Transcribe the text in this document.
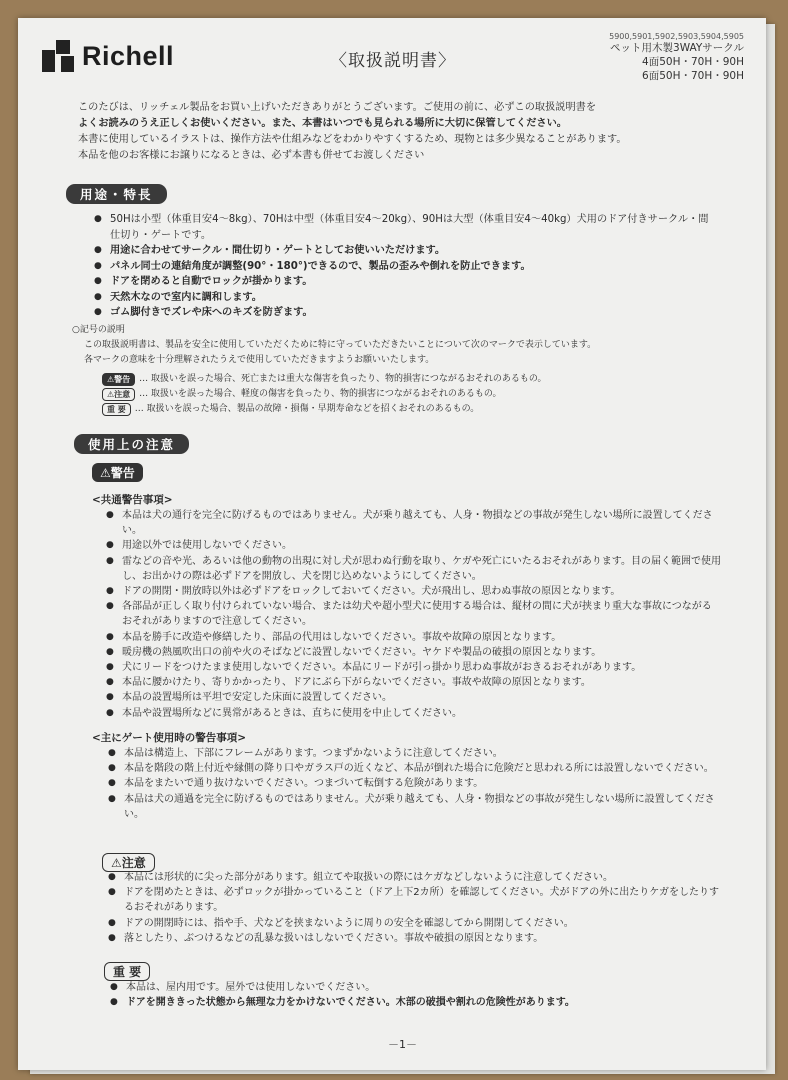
Richell	〈取扱説明書〉
5900,5901,5902,5903,5904,5905
ペット用木製3WAYサークル
4面50H・70H・90H
6面50H・70H・90H

このたびは、リッチェル製品をお買い上げいただきありがとうございます。ご使用の前に、必ずこの取扱説明書を

よくお読みのうえ正しくお使いください。また、本書はいつでも見られる場所に大切に保管してください。

本書に使用しているイラストは、操作方法や仕組みなどをわかりやすくするため、現物とは多少異なることがあります。

本品を他のお客様にお譲りになるときは、必ず本書も併せてお渡しください

用途・特長
● 50Hは小型（体重目安4～8kg）、70Hは中型（体重目安4～20kg）、90Hは大型（体重目安4～40kg）犬用のドア付きサークル・間仕切り・ゲートです。
● 用途に合わせてサークル・間仕切り・ゲートとしてお使いいただけます。
● パネル同士の連結角度が調整(90°・180°)できるので、製品の歪みや倒れを防止できます。
● ドアを閉めると自動でロックが掛かります。
● 天然木なので室内に調和します。
● ゴム脚付きでズレや床へのキズを防ぎます。
○記号の説明
この取扱説明書は、製品を安全に使用していただくために特に守っていただきたいことについて次のマークで表示しています。
各マークの意味を十分理解されたうえで使用していただきますようお願いいたします。
⚠警告	… 取扱いを誤った場合、死亡または重大な傷害を負ったり、物的損害につながるおそれのあるもの。
⚠注意	… 取扱いを誤った場合、軽度の傷害を負ったり、物的損害につながるおそれのあるもの。
重 要	… 取扱いを誤った場合、製品の故障・損傷・早期寿命などを招くおそれのあるもの。
使用上の注意
⚠警告
<共通警告事項>
● 本品は犬の通行を完全に防げるものではありません。犬が乗り越えても、人身・物損などの事故が発生しない場所に設置してください。
● 用途以外では使用しないでください。
● 雷などの音や光、あるいは他の動物の出現に対し犬が思わぬ行動を取り、ケガや死亡にいたるおそれがあります。目の届く範囲で使用し、お出かけの際は必ずドアを開放し、犬を閉じ込めないようにしてください。
● ドアの開閉・開放時以外は必ずドアをロックしておいてください。犬が飛出し、思わぬ事故の原因となります。
● 各部品が正しく取り付けられていない場合、または幼犬や超小型犬に使用する場合は、縦材の間に犬が挟まり重大な事故につながるおそれがありますので注意してください。
● 本品を勝手に改造や修繕したり、部品の代用はしないでください。事故や故障の原因となります。
● 暖房機の熱風吹出口の前や火のそばなどに設置しないでください。ヤケドや製品の破損の原因となります。
● 犬にリードをつけたまま使用しないでください。本品にリードが引っ掛かり思わぬ事故がおきるおそれがあります。
● 本品に腰かけたり、寄りかかったり、ドアにぶら下がらないでください。事故や故障の原因となります。
● 本品の設置場所は平坦で安定した床面に設置してください。
● 本品や設置場所などに異常があるときは、直ちに使用を中止してください。
<主にゲート使用時の警告事項>
● 本品は構造上、下部にフレームがあります。つまずかないように注意してください。
● 本品を階段の階上付近や縁側の降り口やガラス戸の近くなど、本品が倒れた場合に危険だと思われる所には設置しないでください。
● 本品をまたいで通り抜けないでください。つまづいて転倒する危険があります。
● 本品は犬の通過を完全に防げるものではありません。犬が乗り越えても、人身・物損などの事故が発生しない場所に設置してください。
⚠注意
● 本品には形状的に尖った部分があります。組立てや取扱いの際にはケガなどしないように注意してください。
● ドアを閉めたときは、必ずロックが掛かっていること（ドア上下2カ所）を確認してください。犬がドアの外に出たりケガをしたりするおそれがあります。
● ドアの開閉時には、指や手、犬などを挟まないように周りの安全を確認してから開閉してください。
● 落としたり、ぶつけるなどの乱暴な扱いはしないでください。事故や破損の原因となります。
重 要
● 本品は、屋内用です。屋外では使用しないでください。
● ドアを開ききった状態から無理な力をかけないでください。木部の破損や割れの危険性があります。
－1－
